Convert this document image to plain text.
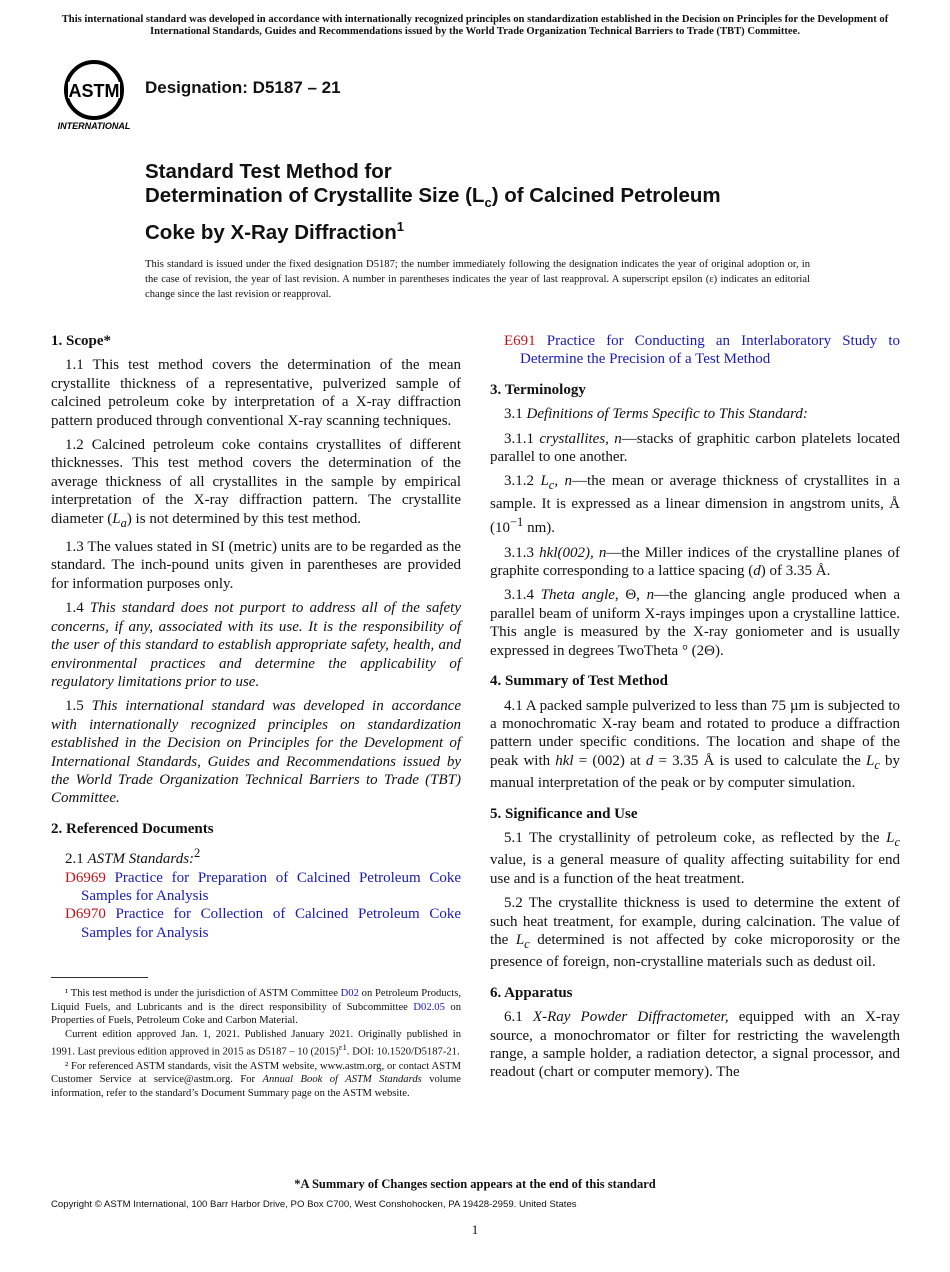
This international standard was developed in accordance with internationally recognized principles on standardization established in the Decision on Principles for the Development of International Standards, Guides and Recommendations issued by the World Trade Organization Technical Barriers to Trade (TBT) Committee.
ASTM
INTERNATIONAL
Designation: D5187 – 21
Standard Test Method for
Determination of Crystallite Size $(L_c)$ of Calcined Petroleum
Coke by X-Ray Diffraction$^1$
This standard is issued under the fixed designation D5187; the number immediately following the designation indicates the year of original adoption or, in the case of revision, the year of last revision. A number in parentheses indicates the year of last reapproval. A superscript epsilon (ε) indicates an editorial change since the last revision or reapproval.
1. Scope*

1.1 This test method covers the determination of the mean crystallite thickness of a representative, pulverized sample of calcined petroleum coke by interpretation of a X-ray diffraction pattern produced through conventional X-ray scanning techniques.

1.2 Calcined petroleum coke contains crystallites of different thicknesses. This test method covers the determination of the average thickness of all crystallites in the sample by empirical interpretation of the X-ray diffraction pattern. The crystallite diameter $(L_a)$ is not determined by this test method.

1.3 The values stated in SI (metric) units are to be regarded as the standard. The inch-pound units given in parentheses are provided for information purposes only.

1.4 This standard does not purport to address all of the safety concerns, if any, associated with its use. It is the responsibility of the user of this standard to establish appropriate safety, health, and environmental practices and determine the applicability of regulatory limitations prior to use.

1.5 This international standard was developed in accordance with internationally recognized principles on standardization established in the Decision on Principles for the Development of International Standards, Guides and Recommendations issued by the World Trade Organization Technical Barriers to Trade (TBT) Committee.

2. Referenced Documents

2.1 ASTM Standards:$^2$

D6969 Practice for Preparation of Calcined Petroleum Coke Samples for Analysis
D6970 Practice for Collection of Calcined Petroleum Coke Samples for Analysis
E691 Practice for Conducting an Interlaboratory Study to Determine the Precision of a Test Method
3. Terminology

3.1 Definitions of Terms Specific to This Standard:

3.1.1 crystallites, n—stacks of graphitic carbon platelets located parallel to one another.

3.1.2 $L_c$, n—the mean or average thickness of crystallites in a sample. It is expressed as a linear dimension in angstrom units, Å ($10^{-1}$ nm).

3.1.3 hkl(002), n—the Miller indices of the crystalline planes of graphite corresponding to a lattice spacing (d) of 3.35 Å.

3.1.4 Theta angle, Θ, n—the glancing angle produced when a parallel beam of uniform X-rays impinges upon a crystalline lattice. This angle is measured by the X-ray goniometer and is usually expressed in degrees TwoTheta ° (2Θ).

4. Summary of Test Method

4.1 A packed sample pulverized to less than 75 µm is subjected to a monochromatic X-ray beam and rotated to produce a diffraction pattern under specific conditions. The location and shape of the peak with hkl = (002) at d = 3.35 Å is used to calculate the $L_c$ by manual interpretation of the peak or by computer simulation.

5. Significance and Use

5.1 The crystallinity of petroleum coke, as reflected by the $L_c$ value, is a general measure of quality affecting suitability for end use and is a function of the heat treatment.

5.2 The crystallite thickness is used to determine the extent of such heat treatment, for example, during calcination. The value of the $L_c$ determined is not affected by coke microporosity or the presence of foreign, non-crystalline materials such as dedust oil.

6. Apparatus

6.1 X-Ray Powder Diffractometer, equipped with an X-ray source, a monochromator or filter for restricting the wavelength range, a sample holder, a radiation detector, a signal processor, and readout (chart or computer memory). The

¹ This test method is under the jurisdiction of ASTM Committee D02 on Petroleum Products, Liquid Fuels, and Lubricants and is the direct responsibility of Subcommittee D02.05 on Properties of Fuels, Petroleum Coke and Carbon Material.

Current edition approved Jan. 1, 2021. Published January 2021. Originally published in 1991. Last previous edition approved in 2015 as D5187 – 10 $(2015)^{\varepsilon 1}$. DOI: 10.1520/D5187-21.

² For referenced ASTM standards, visit the ASTM website, www.astm.org, or contact ASTM Customer Service at service@astm.org. For Annual Book of ASTM Standards volume information, refer to the standard’s Document Summary page on the ASTM website.

*A Summary of Changes section appears at the end of this standard
Copyright © ASTM International, 100 Barr Harbor Drive, PO Box C700, West Conshohocken, PA 19428-2959. United States
1
